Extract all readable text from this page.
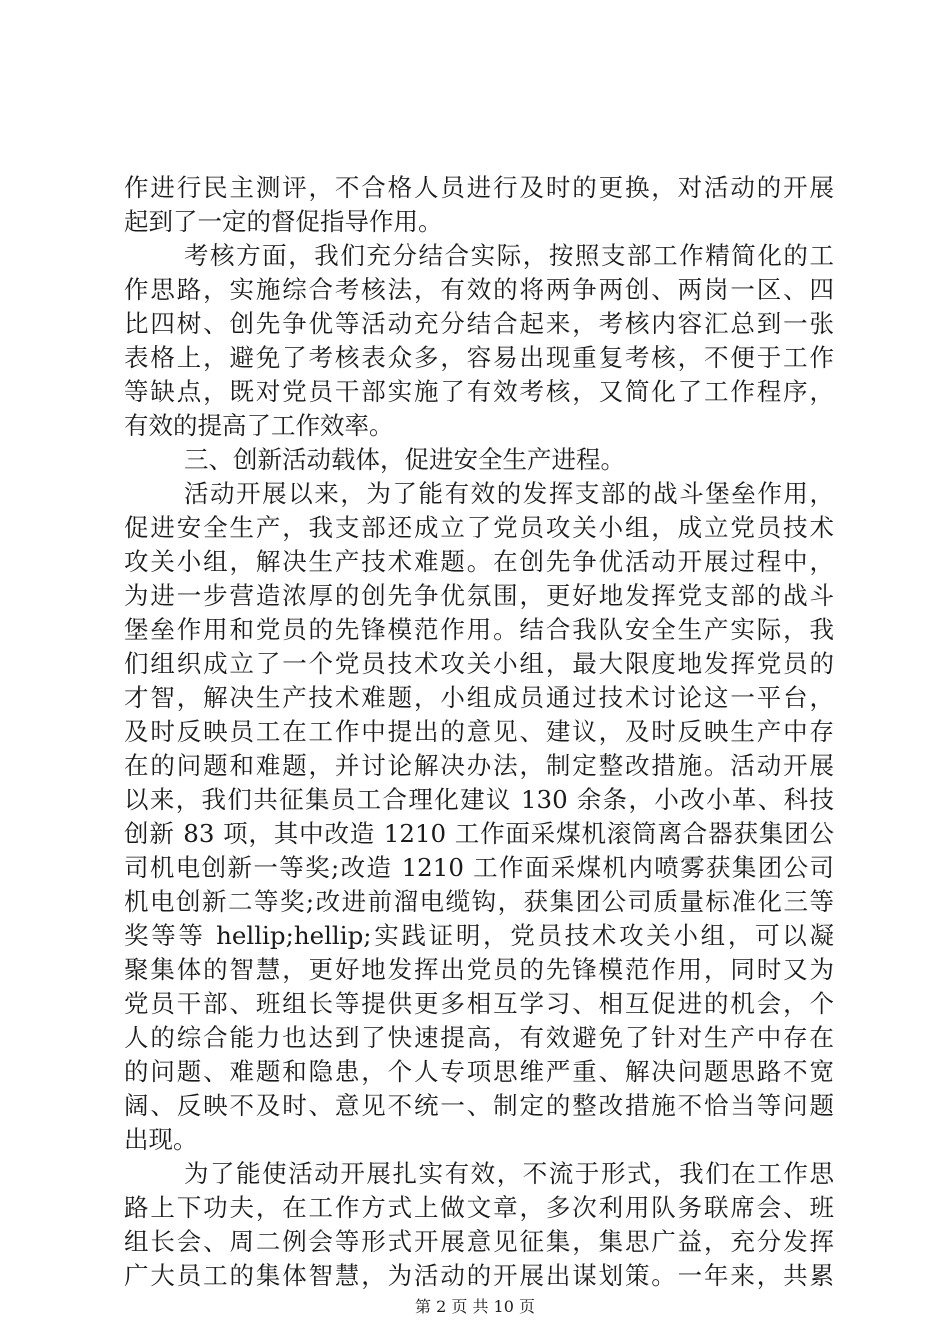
作进行民主测评，不合格人员进行及时的更换，对活动的开展
起到了一定的督促指导作用。
考核方面，我们充分结合实际，按照支部工作精简化的工
作思路，实施综合考核法，有效的将两争两创、两岗一区、四
比四树、创先争优等活动充分结合起来，考核内容汇总到一张
表格上，避免了考核表众多，容易出现重复考核，不便于工作
等缺点，既对党员干部实施了有效考核，又简化了工作程序，
有效的提高了工作效率。
三、创新活动载体，促进安全生产进程。
活动开展以来，为了能有效的发挥支部的战斗堡垒作用，
促进安全生产，我支部还成立了党员攻关小组，成立党员技术
攻关小组，解决生产技术难题。在创先争优活动开展过程中，
为进一步营造浓厚的创先争优氛围，更好地发挥党支部的战斗
堡垒作用和党员的先锋模范作用。结合我队安全生产实际，我
们组织成立了一个党员技术攻关小组，最大限度地发挥党员的
才智，解决生产技术难题，小组成员通过技术讨论这一平台，
及时反映员工在工作中提出的意见、建议，及时反映生产中存
在的问题和难题，并讨论解决办法，制定整改措施。活动开展
以来，我们共征集员工合理化建议 130 余条，小改小革、科技
创新 83 项，其中改造 1210 工作面采煤机滚筒离合器获集团公
司机电创新一等奖;改造 1210 工作面采煤机内喷雾获集团公司
机电创新二等奖;改进前溜电缆钩，获集团公司质量标准化三等
奖等等 hellip;hellip;实践证明，党员技术攻关小组，可以凝
聚集体的智慧，更好地发挥出党员的先锋模范作用，同时又为
党员干部、班组长等提供更多相互学习、相互促进的机会，个
人的综合能力也达到了快速提高，有效避免了针对生产中存在
的问题、难题和隐患，个人专项思维严重、解决问题思路不宽
阔、反映不及时、意见不统一、制定的整改措施不恰当等问题
出现。
为了能使活动开展扎实有效，不流于形式，我们在工作思
路上下功夫，在工作方式上做文章，多次利用队务联席会、班
组长会、周二例会等形式开展意见征集，集思广益，充分发挥
广大员工的集体智慧，为活动的开展出谋划策。一年来，共累
第 2 页 共 10 页
